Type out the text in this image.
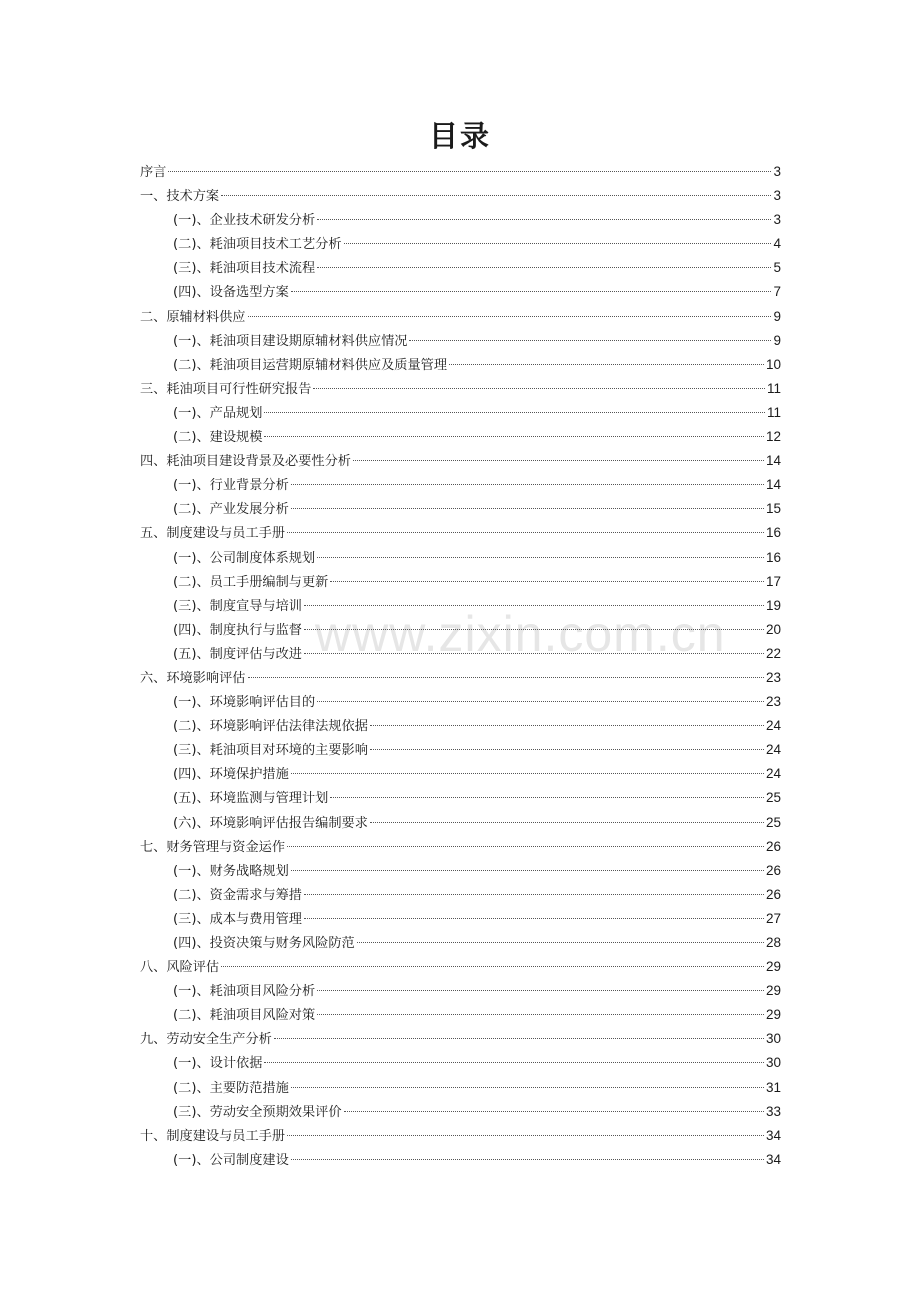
www.zixin.com.cn
目录
序言	3
一、技术方案	3
(一)、企业技术研发分析	3
(二)、耗油项目技术工艺分析	4
(三)、耗油项目技术流程	5
(四)、设备选型方案	7
二、原辅材料供应	9
(一)、耗油项目建设期原辅材料供应情况	9
(二)、耗油项目运营期原辅材料供应及质量管理	10
三、耗油项目可行性研究报告	11
(一)、产品规划	11
(二)、建设规模	12
四、耗油项目建设背景及必要性分析	14
(一)、行业背景分析	14
(二)、产业发展分析	15
五、制度建设与员工手册	16
(一)、公司制度体系规划	16
(二)、员工手册编制与更新	17
(三)、制度宣导与培训	19
(四)、制度执行与监督	20
(五)、制度评估与改进	22
六、环境影响评估	23
(一)、环境影响评估目的	23
(二)、环境影响评估法律法规依据	24
(三)、耗油项目对环境的主要影响	24
(四)、环境保护措施	24
(五)、环境监测与管理计划	25
(六)、环境影响评估报告编制要求	25
七、财务管理与资金运作	26
(一)、财务战略规划	26
(二)、资金需求与筹措	26
(三)、成本与费用管理	27
(四)、投资决策与财务风险防范	28
八、风险评估	29
(一)、耗油项目风险分析	29
(二)、耗油项目风险对策	29
九、劳动安全生产分析	30
(一)、设计依据	30
(二)、主要防范措施	31
(三)、劳动安全预期效果评价	33
十、制度建设与员工手册	34
(一)、公司制度建设	34
